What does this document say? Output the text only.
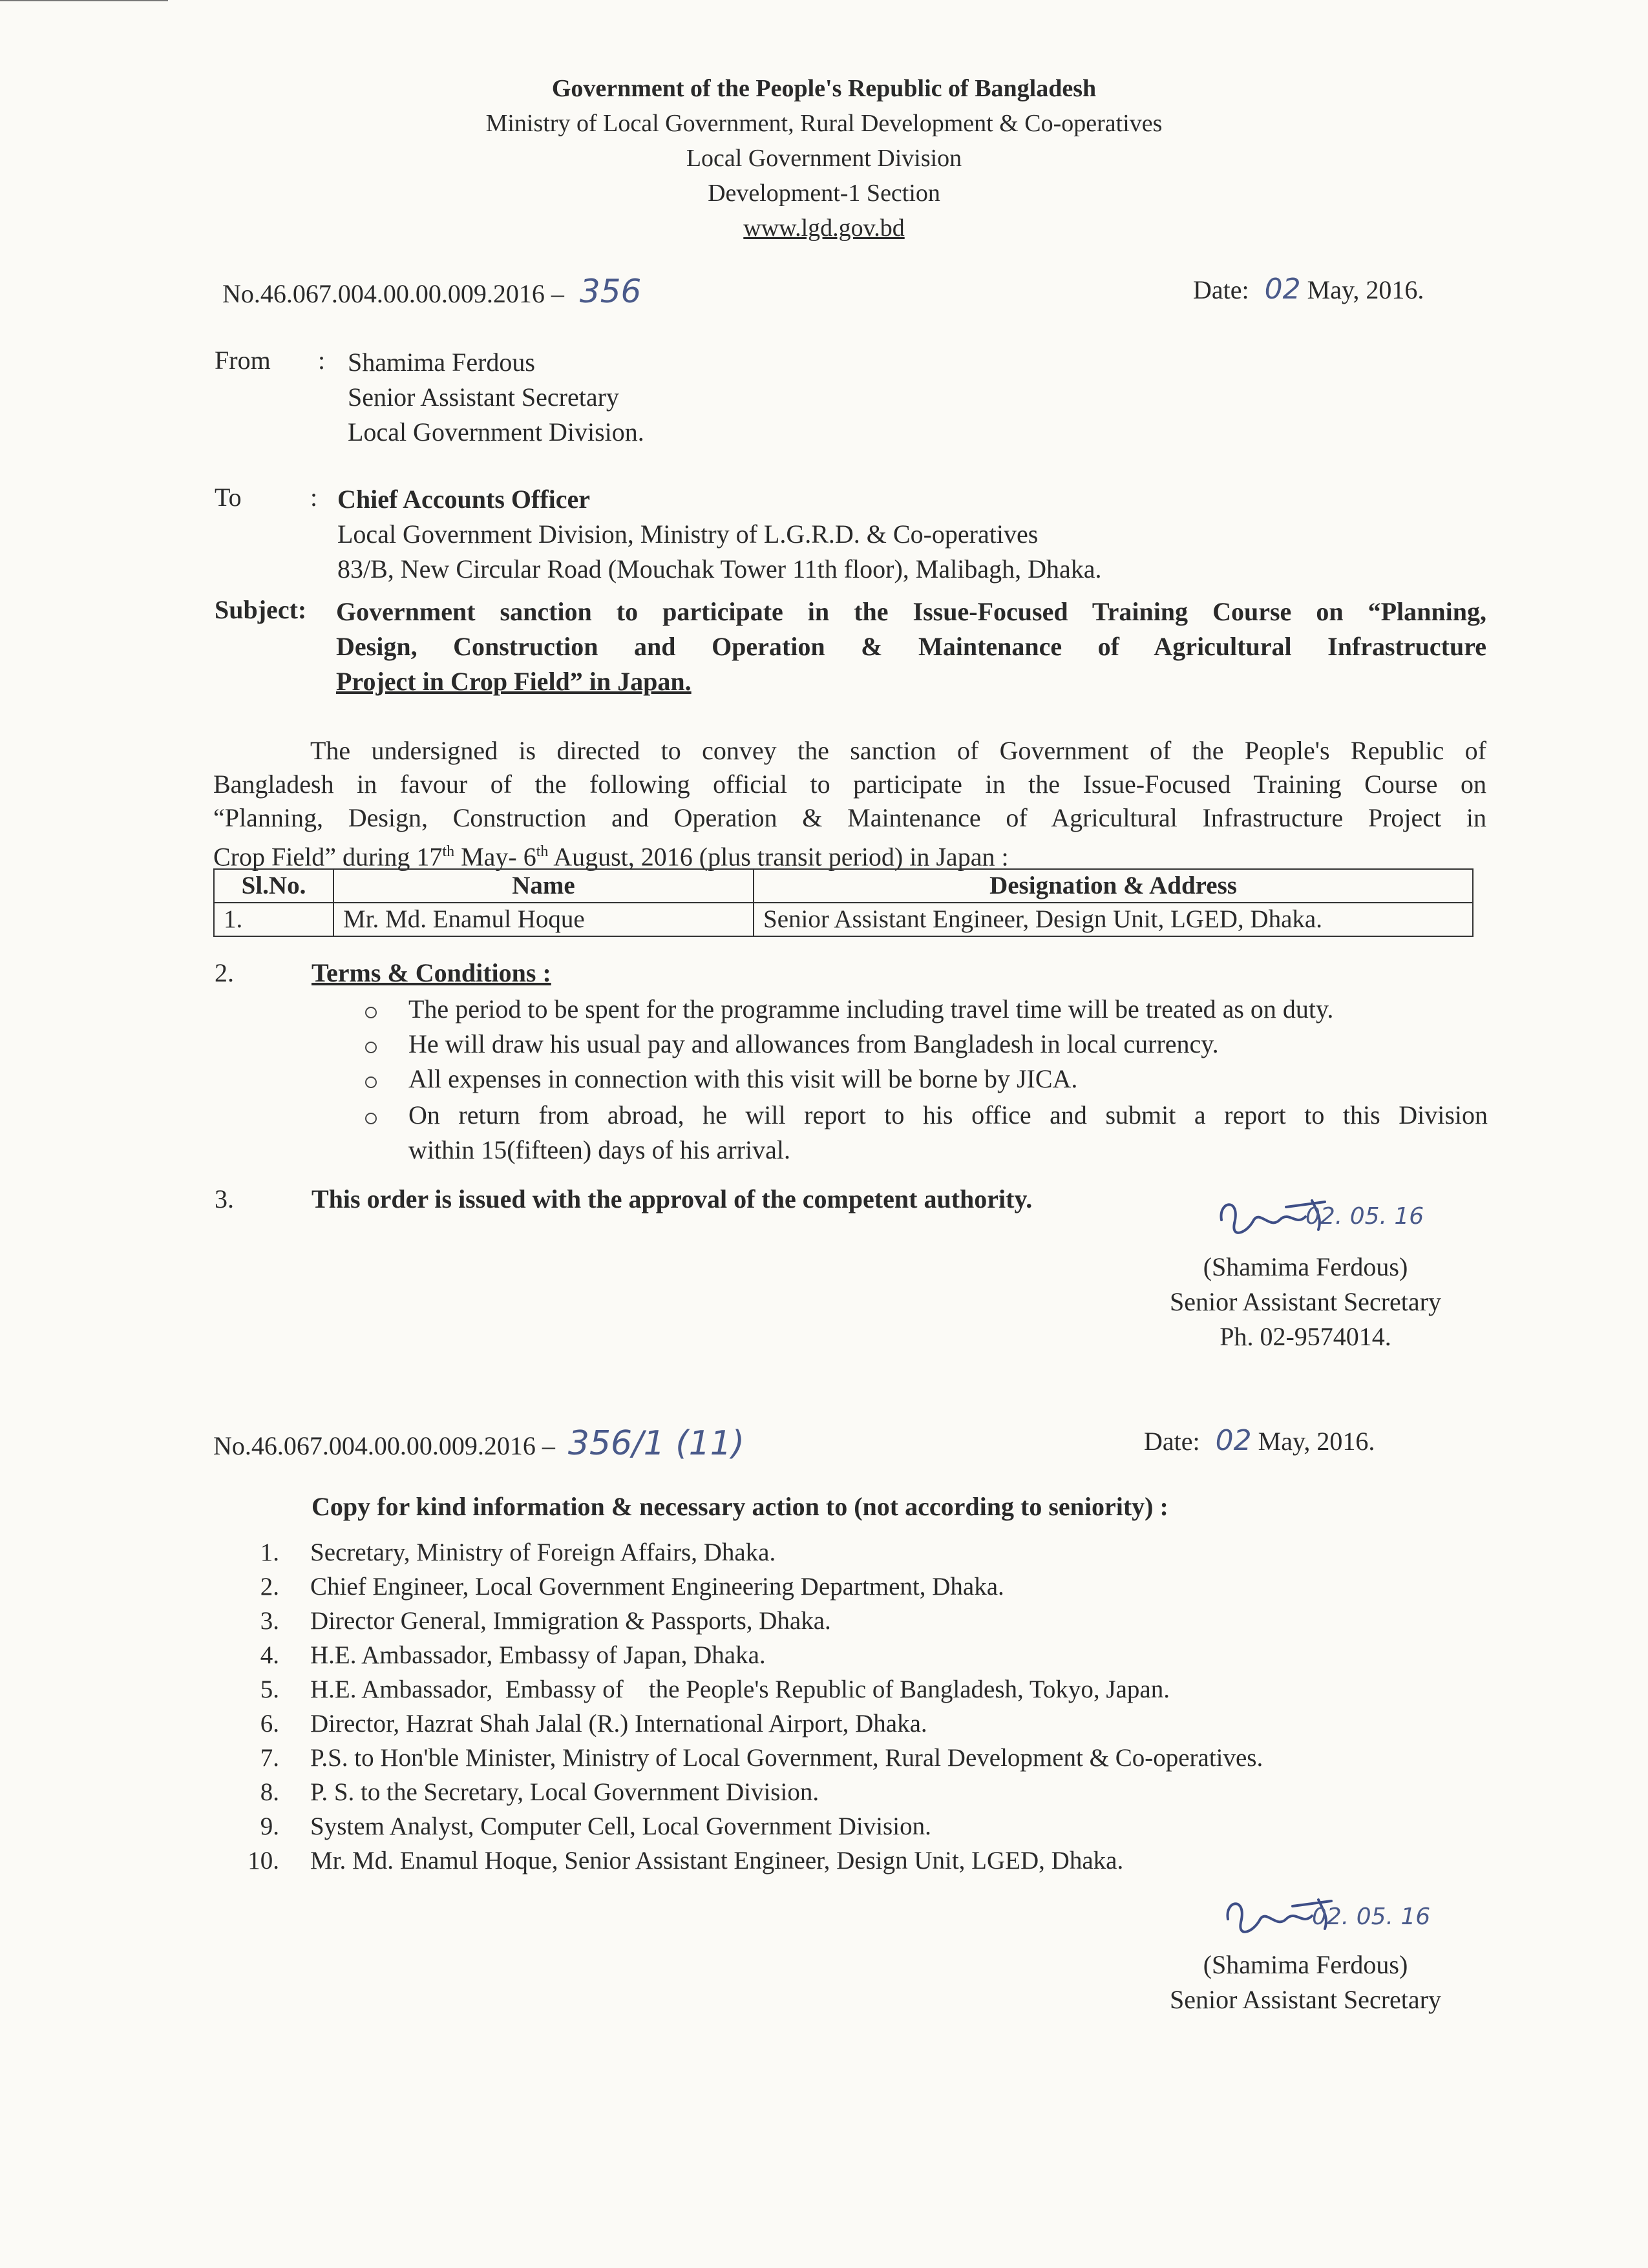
Government of the People's Republic of Bangladesh
Ministry of Local Government, Rural Development & Co-operatives
Local Government Division
Development-1 Section
www.lgd.gov.bd
No.46.067.004.00.00.009.2016 – 356	Date: 02 May, 2016.
From : Shamima Ferdous
Senior Assistant Secretary
Local Government Division.
To	: Chief Accounts Officer
Local Government Division, Ministry of L.G.R.D. & Co-operatives
83/B, New Circular Road (Mouchak Tower 11th floor), Malibagh, Dhaka.
Subject: Government sanction to participate in the Issue-Focused Training Course on “Planning,
Design, Construction and Operation & Maintenance of Agricultural Infrastructure
Project in Crop Field” in Japan.
The undersigned is directed to convey the sanction of Government of the People's Republic of
Bangladesh in favour of the following official to participate in the Issue-Focused Training Course on
“Planning, Design, Construction and Operation & Maintenance of Agricultural Infrastructure Project in
Crop Field” during 17th May- 6th August, 2016 (plus transit period) in Japan :
Sl.No.	Name	Designation & Address
1.	Mr. Md. Enamul Hoque	Senior Assistant Engineer, Design Unit, LGED, Dhaka.
2.	Terms & Conditions :
The period to be spent for the programme including travel time will be treated as on duty.
He will draw his usual pay and allowances from Bangladesh in local currency.
All expenses in connection with this visit will be borne by JICA.
On return from abroad, he will report to his office and submit a report to this Division
within 15(fifteen) days of his arrival.
3.	This order is issued with the approval of the competent authority.
02. 05. 16
(Shamima Ferdous)
Senior Assistant Secretary
Ph. 02-9574014.
No.46.067.004.00.00.009.2016 – 356/1 (11)	Date: 02 May, 2016.
Copy for kind information & necessary action to (not according to seniority) :
1. Secretary, Ministry of Foreign Affairs, Dhaka.
2. Chief Engineer, Local Government Engineering Department, Dhaka.
3. Director General, Immigration & Passports, Dhaka.
4. H.E. Ambassador, Embassy of Japan, Dhaka.
5. H.E. Ambassador,  Embassy of    the People's Republic of Bangladesh, Tokyo, Japan.
6. Director, Hazrat Shah Jalal (R.) International Airport, Dhaka.
7. P.S. to Hon'ble Minister, Ministry of Local Government, Rural Development & Co-operatives.
8. P. S. to the Secretary, Local Government Division.
9. System Analyst, Computer Cell, Local Government Division.
10. Mr. Md. Enamul Hoque, Senior Assistant Engineer, Design Unit, LGED, Dhaka.
02. 05. 16
(Shamima Ferdous)
Senior Assistant Secretary
